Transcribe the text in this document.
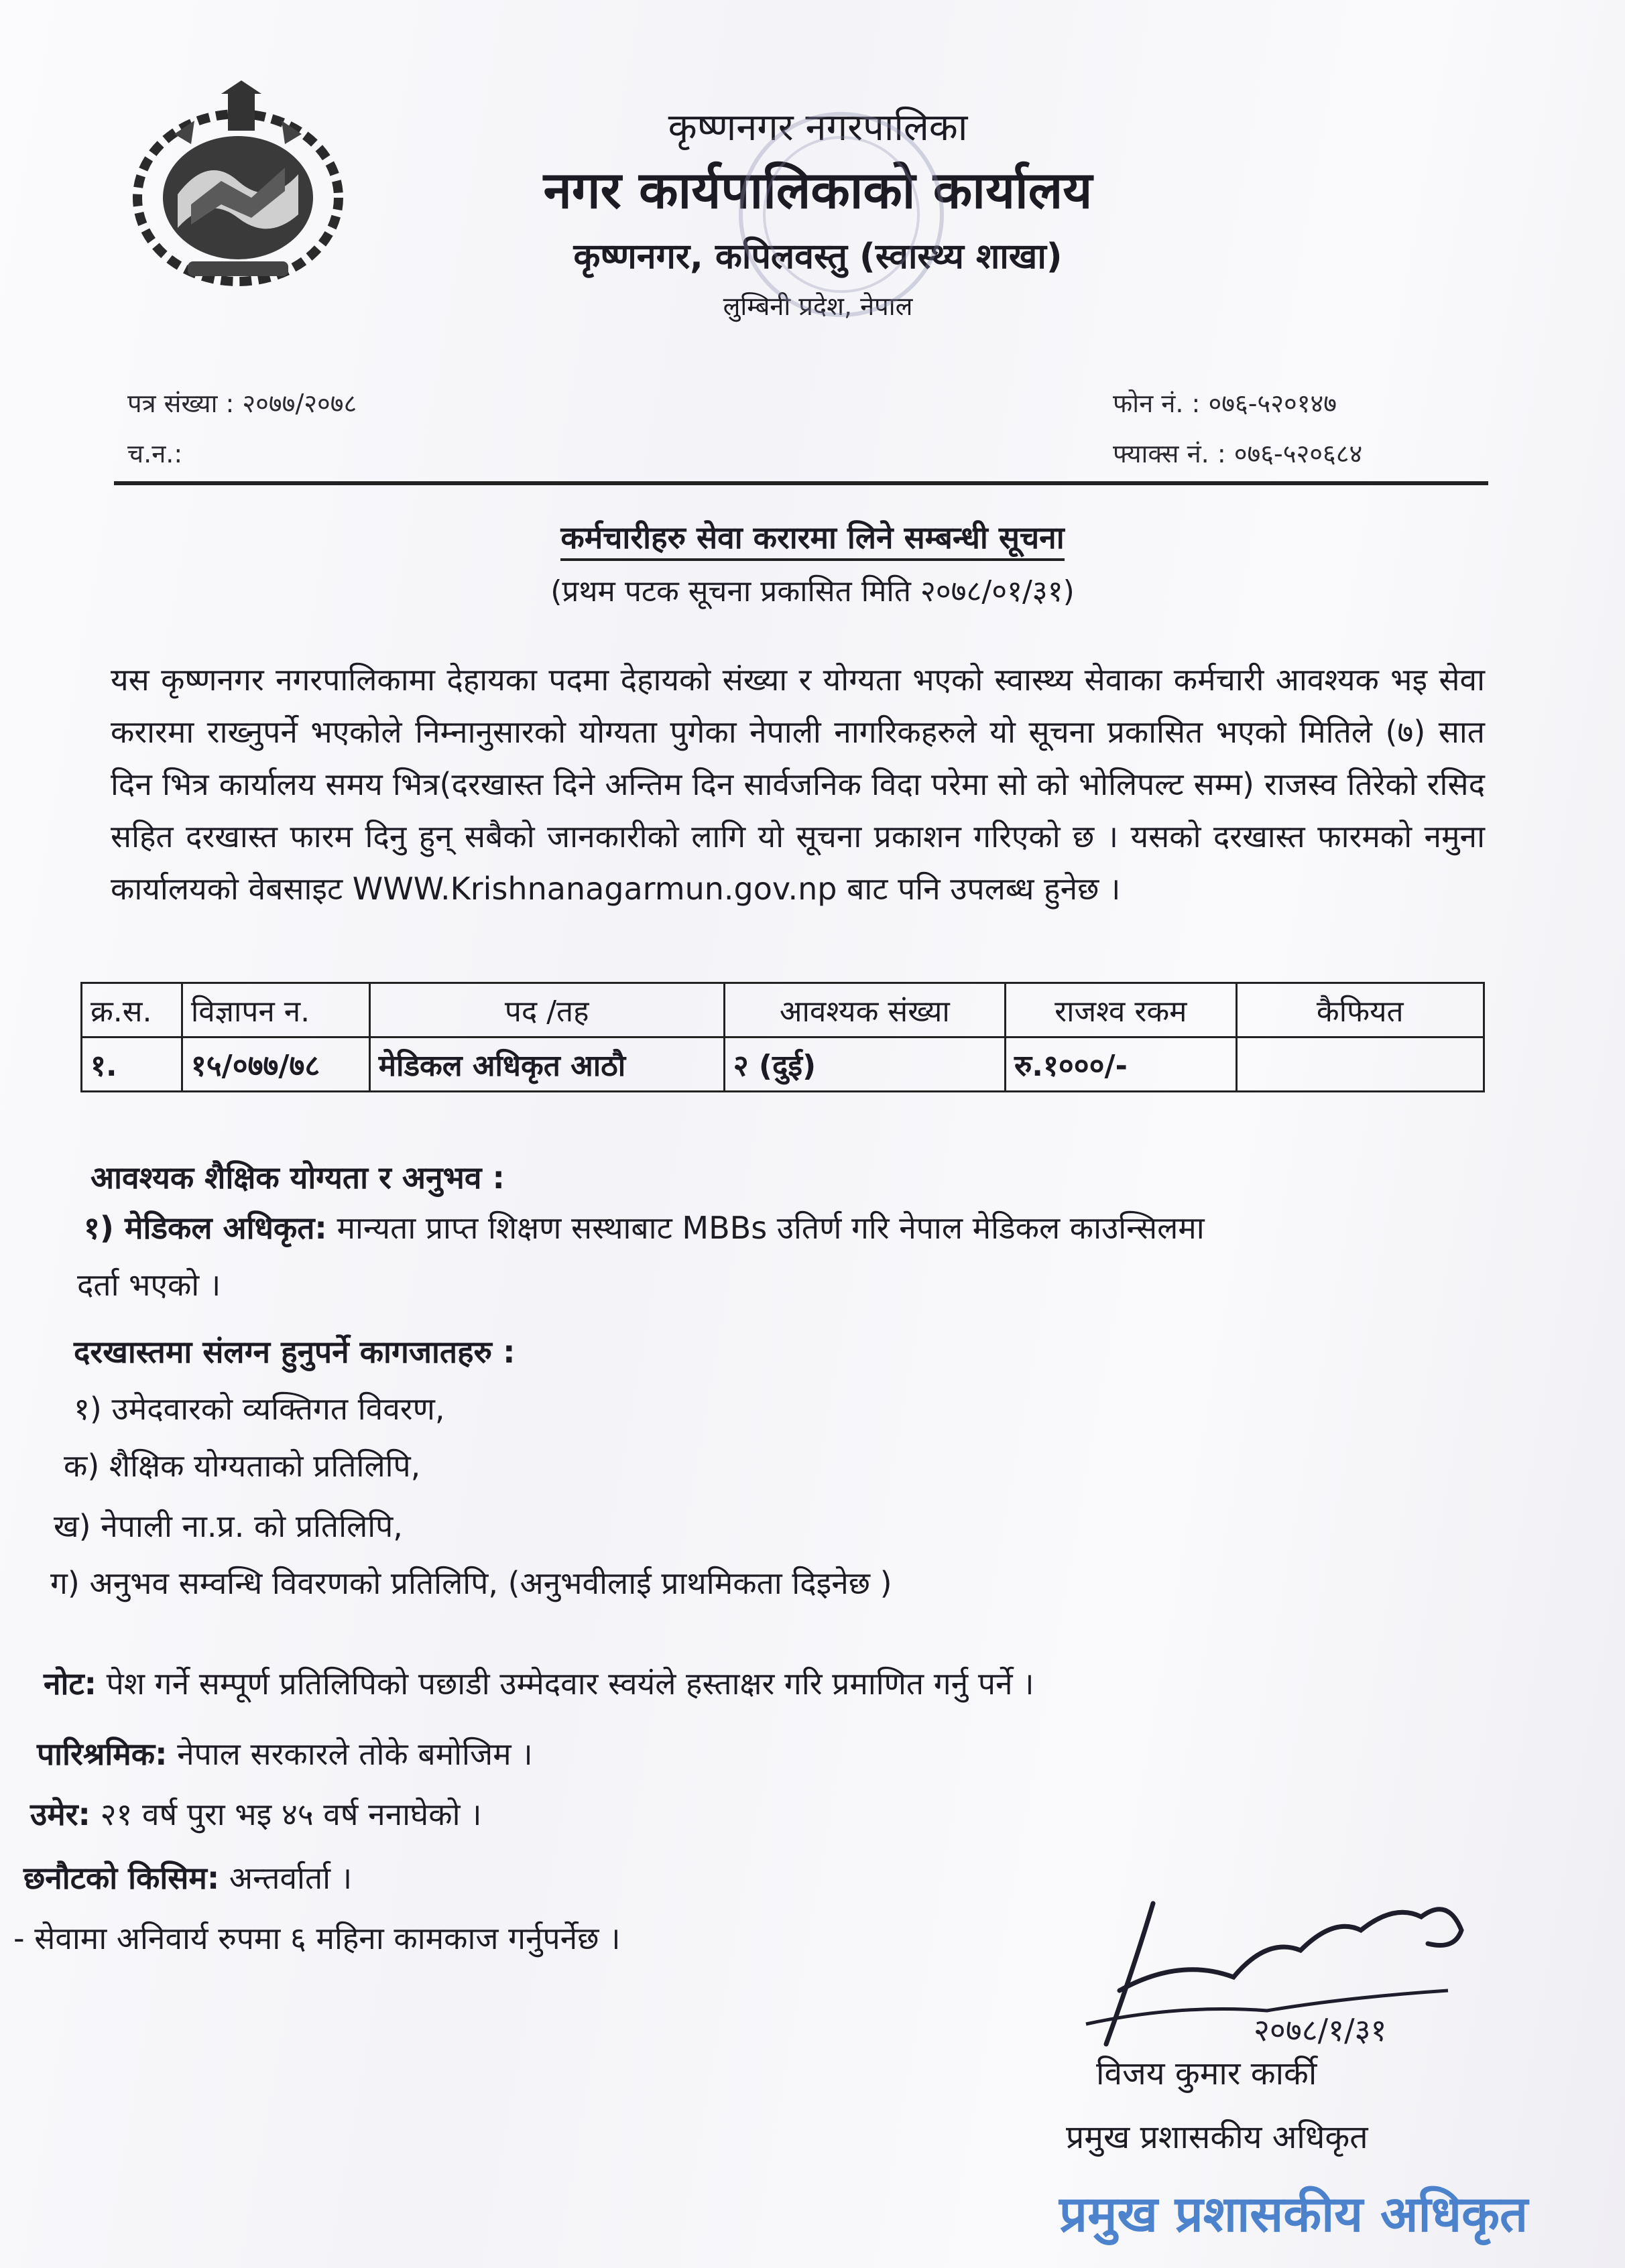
कृष्णनगर नगरपालिका
नगर कार्यपालिकाको कार्यालय
कृष्णनगर, कपिलवस्तु (स्वास्थ्य शाखा)
लुम्बिनी प्रदेश, नेपाल
पत्र संख्या : २०७७/२०७८
च.न.:
फोन नं. : ०७६-५२०१४७
फ्याक्स नं. : ०७६-५२०६८४
कर्मचारीहरु सेवा करारमा लिने सम्बन्धी सूचना
(प्रथम पटक सूचना प्रकासित मिति २०७८/०१/३१)
यस कृष्णनगर नगरपालिकामा देहायका पदमा देहायको संख्या र योग्यता भएको स्वास्थ्य सेवाका कर्मचारी आवश्यक भइ सेवा करारमा राख्नुपर्ने भएकोले निम्नानुसारको योग्यता पुगेका नेपाली नागरिकहरुले यो सूचना प्रकासित भएको मितिले (७) सात दिन भित्र कार्यालय समय भित्र(दरखास्त दिने अन्तिम दिन सार्वजनिक विदा परेमा सो को भोलिपल्ट सम्म) राजस्व तिरेको रसिद सहित दरखास्त फारम दिनु हुन् सबैको जानकारीको लागि यो सूचना प्रकाशन गरिएको छ । यसको दरखास्त फारमको नमुना कार्यालयको वेबसाइट WWW.Krishnanagarmun.gov.np बाट पनि उपलब्ध हुनेछ ।
क्र.स.	विज्ञापन न.	पद /तह	आवश्यक संख्या	राजश्व रकम	कैफियत
१.	१५/०७७/७८	मेडिकल अधिकृत आठौ	२ (दुई)	रु.१०००/-	
आवश्यक शैक्षिक योग्यता र अनुभव :
१) मेडिकल अधिकृत: मान्यता प्राप्त शिक्षण सस्थाबाट MBBs उतिर्ण गरि नेपाल मेडिकल काउन्सिलमा
दर्ता भएको ।
दरखास्तमा संलग्न हुनुपर्ने कागजातहरु :
१) उमेदवारको व्यक्तिगत विवरण,
क) शैक्षिक योग्यताको प्रतिलिपि,
ख) नेपाली ना.प्र. को प्रतिलिपि,
ग) अनुभव सम्वन्धि विवरणको प्रतिलिपि, (अनुभवीलाई प्राथमिकता दिइनेछ )
नोट: पेश गर्ने सम्पूर्ण प्रतिलिपिको पछाडी उम्मेदवार स्वयंले हस्ताक्षर गरि प्रमाणित गर्नु पर्ने ।
पारिश्रमिक: नेपाल सरकारले तोके बमोजिम ।
उमेर: २१ वर्ष पुरा भइ ४५ वर्ष ननाघेको ।
छनौटको किसिम: अन्तर्वार्ता ।
- सेवामा अनिवार्य रुपमा ६ महिना कामकाज गर्नुपर्नेछ ।
२०७८/१/३१
विजय कुमार कार्की
प्रमुख प्रशासकीय अधिकृत
प्रमुख प्रशासकीय अधिकृत
